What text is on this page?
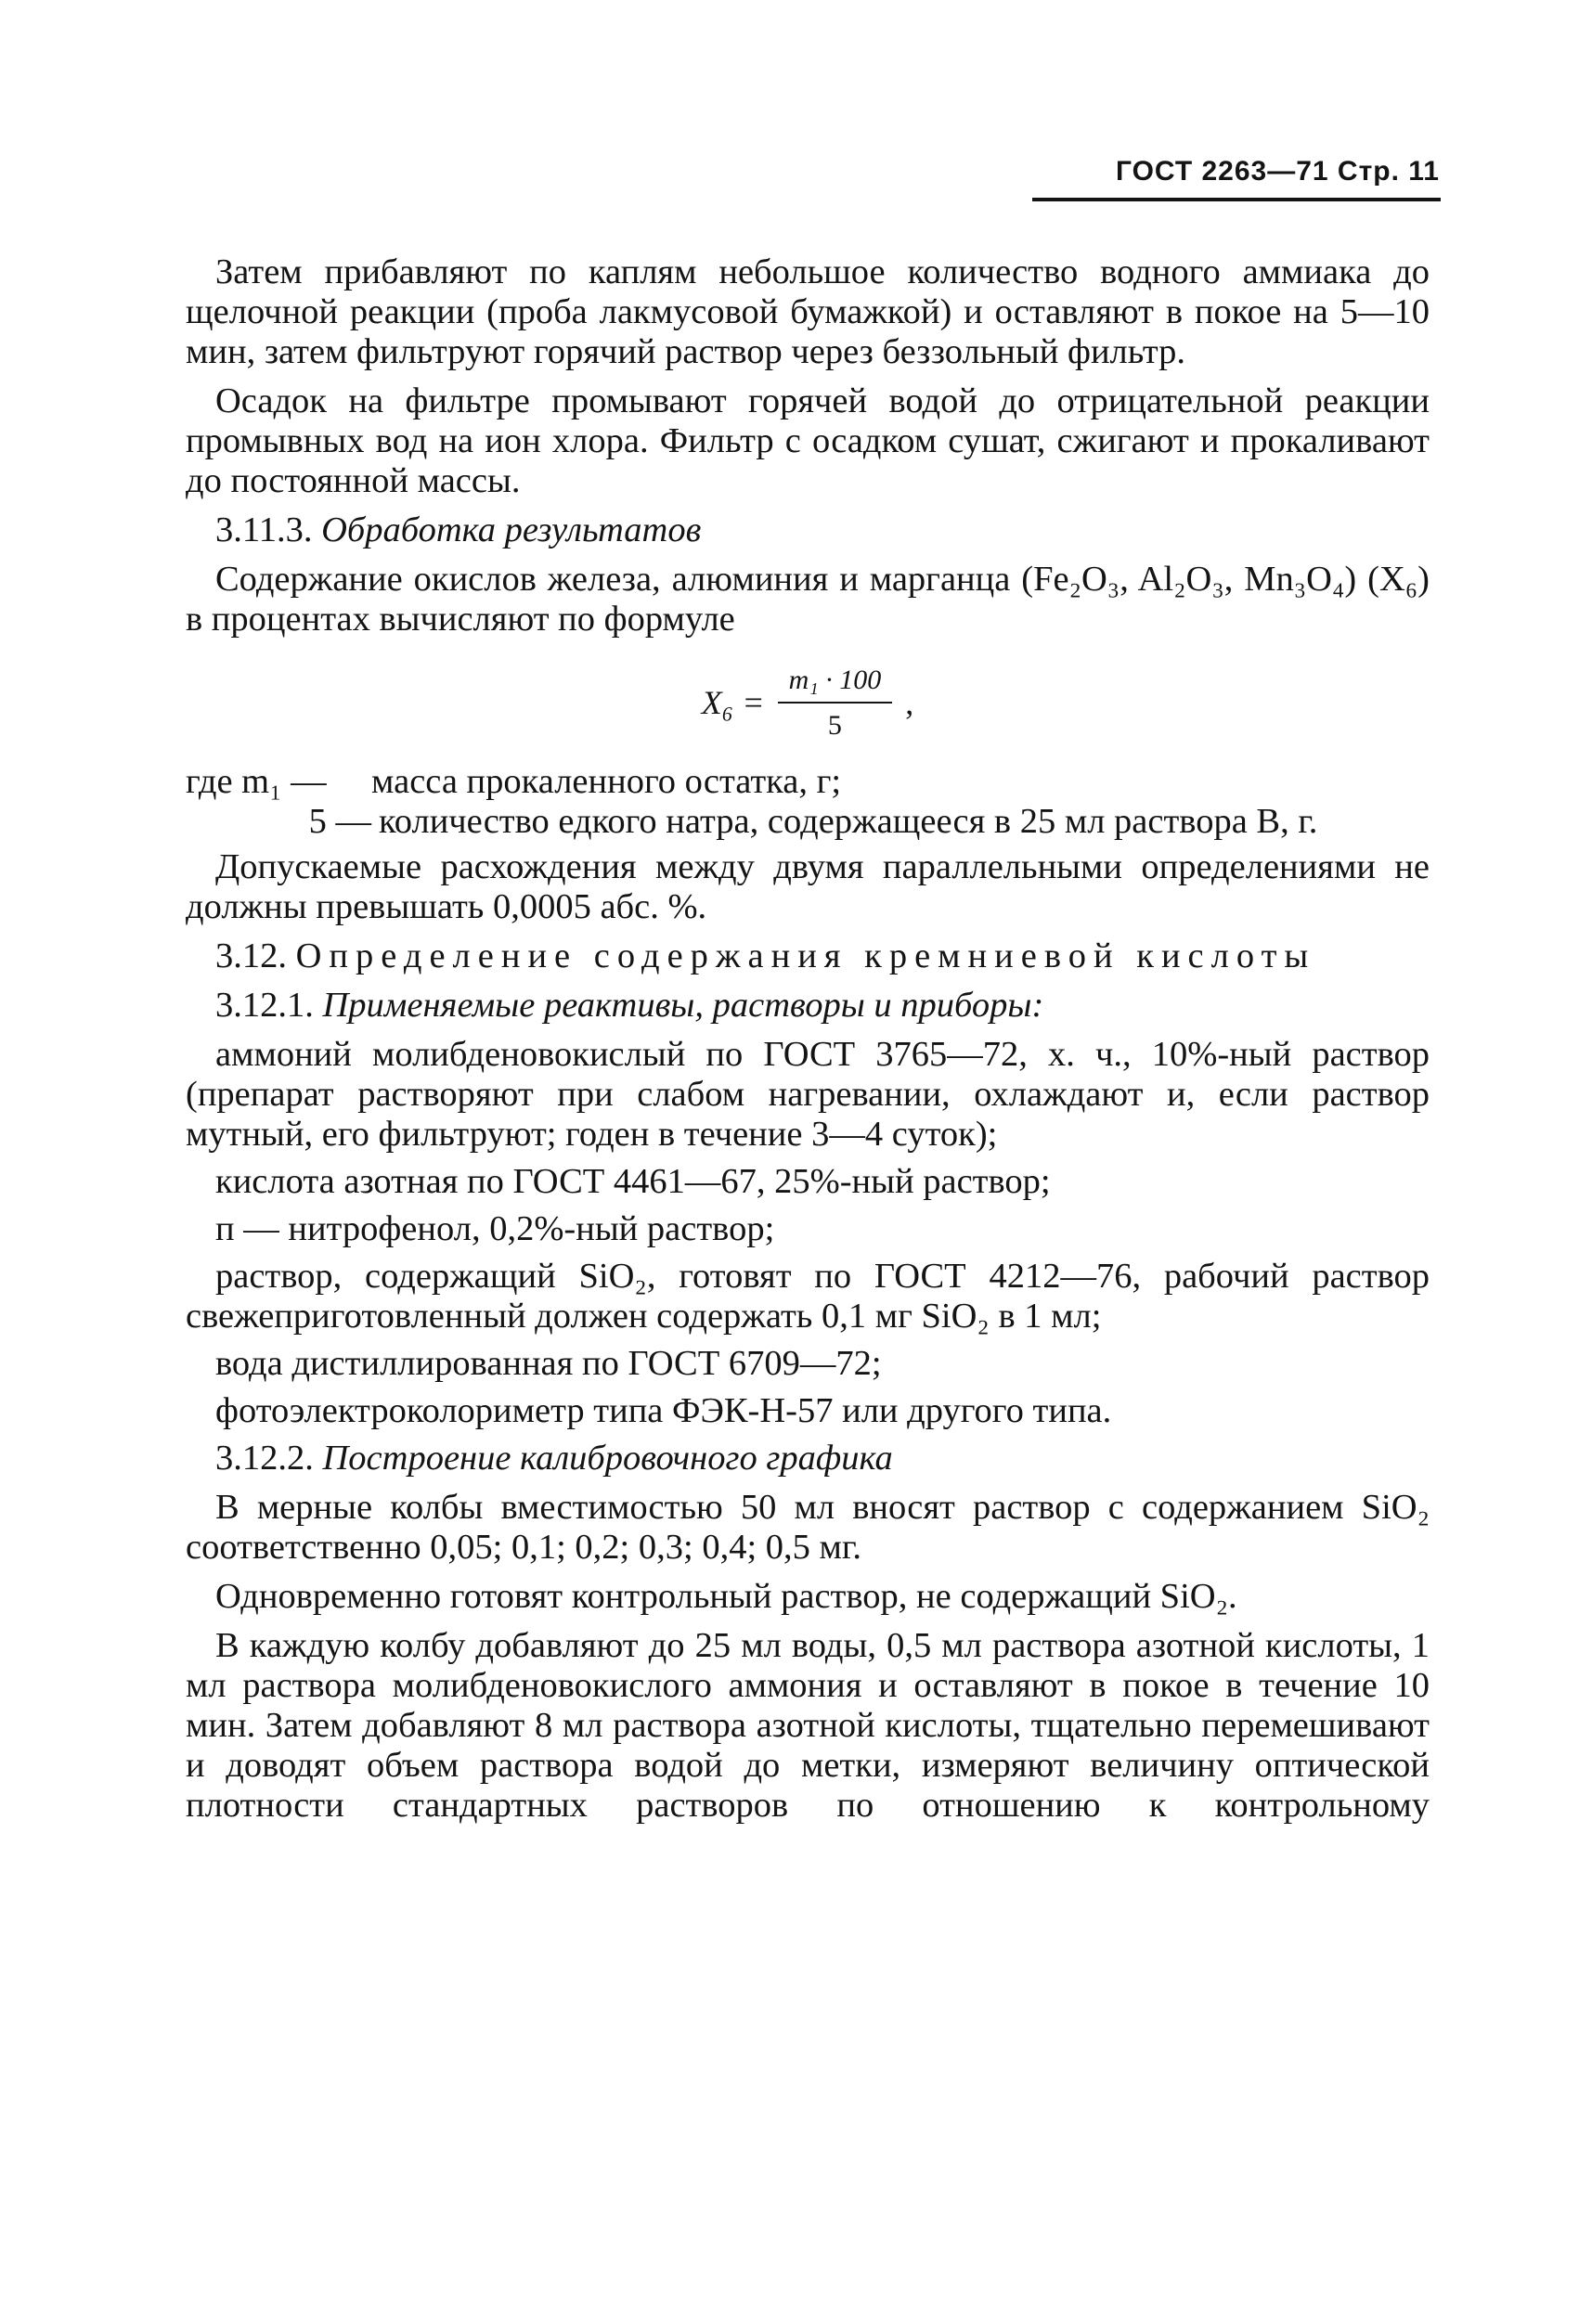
ГОСТ 2263—71 Стр. 11

Затем прибавляют по каплям небольшое количество водного аммиака до щелочной реакции (проба лакмусовой бумажкой) и оставляют в покое на 5—10 мин, затем фильтруют горячий раствор через беззольный фильтр.

Осадок на фильтре промывают горячей водой до отрицательной реакции промывных вод на ион хлора. Фильтр с осадком сушат, сжигают и прокаливают до постоянной массы.

3.11.3. Обработка результатов

Содержание окислов железа, алюминия и марганца (Fe₂O₃, Al₂O₃, Mn₃O₄) (X₆) в процентах вычисляют по формуле

$X_6 = \frac{\text{m₁ · 100}}{5}$ ,
где m₁ —	масса прокаленного остатка, г;
5 — количество едкого натра, содержащееся в 25 мл раствора B, г.

Допускаемые расхождения между двумя параллельными определениями не должны превышать 0,0005 абс. %.

3.12. Определение содержания кремниевой кислоты
3.12.1. Применяемые реактивы, растворы и приборы:

аммоний молибденовокислый по ГОСТ 3765—72, х. ч., 10%-ный раствор (препарат растворяют при слабом нагревании, охлаждают и, если раствор мутный, его фильтруют; годен в течение 3—4 суток);

кислота азотная по ГОСТ 4461—67, 25%-ный раствор;

п — нитрофенол, 0,2%-ный раствор;

раствор, содержащий SiO₂, готовят по ГОСТ 4212—76, рабочий раствор свежеприготовленный должен содержать 0,1 мг SiO₂ в 1 мл;

вода дистиллированная по ГОСТ 6709—72;

фотоэлектроколориметр типа ФЭК-Н-57 или другого типа.

3.12.2. Построение калибровочного графика

В мерные колбы вместимостью 50 мл вносят раствор с содержанием SiO₂ соответственно 0,05; 0,1; 0,2; 0,3; 0,4; 0,5 мг.

Одновременно готовят контрольный раствор, не содержащий SiO₂.

В каждую колбу добавляют до 25 мл воды, 0,5 мл раствора азотной кислоты, 1 мл раствора молибденовокислого аммония и оставляют в покое в течение 10 мин. Затем добавляют 8 мл раствора азотной кислоты, тщательно перемешивают и доводят объем раствора водой до метки, измеряют величину оптической плотности стандартных растворов по отношению к контрольному
